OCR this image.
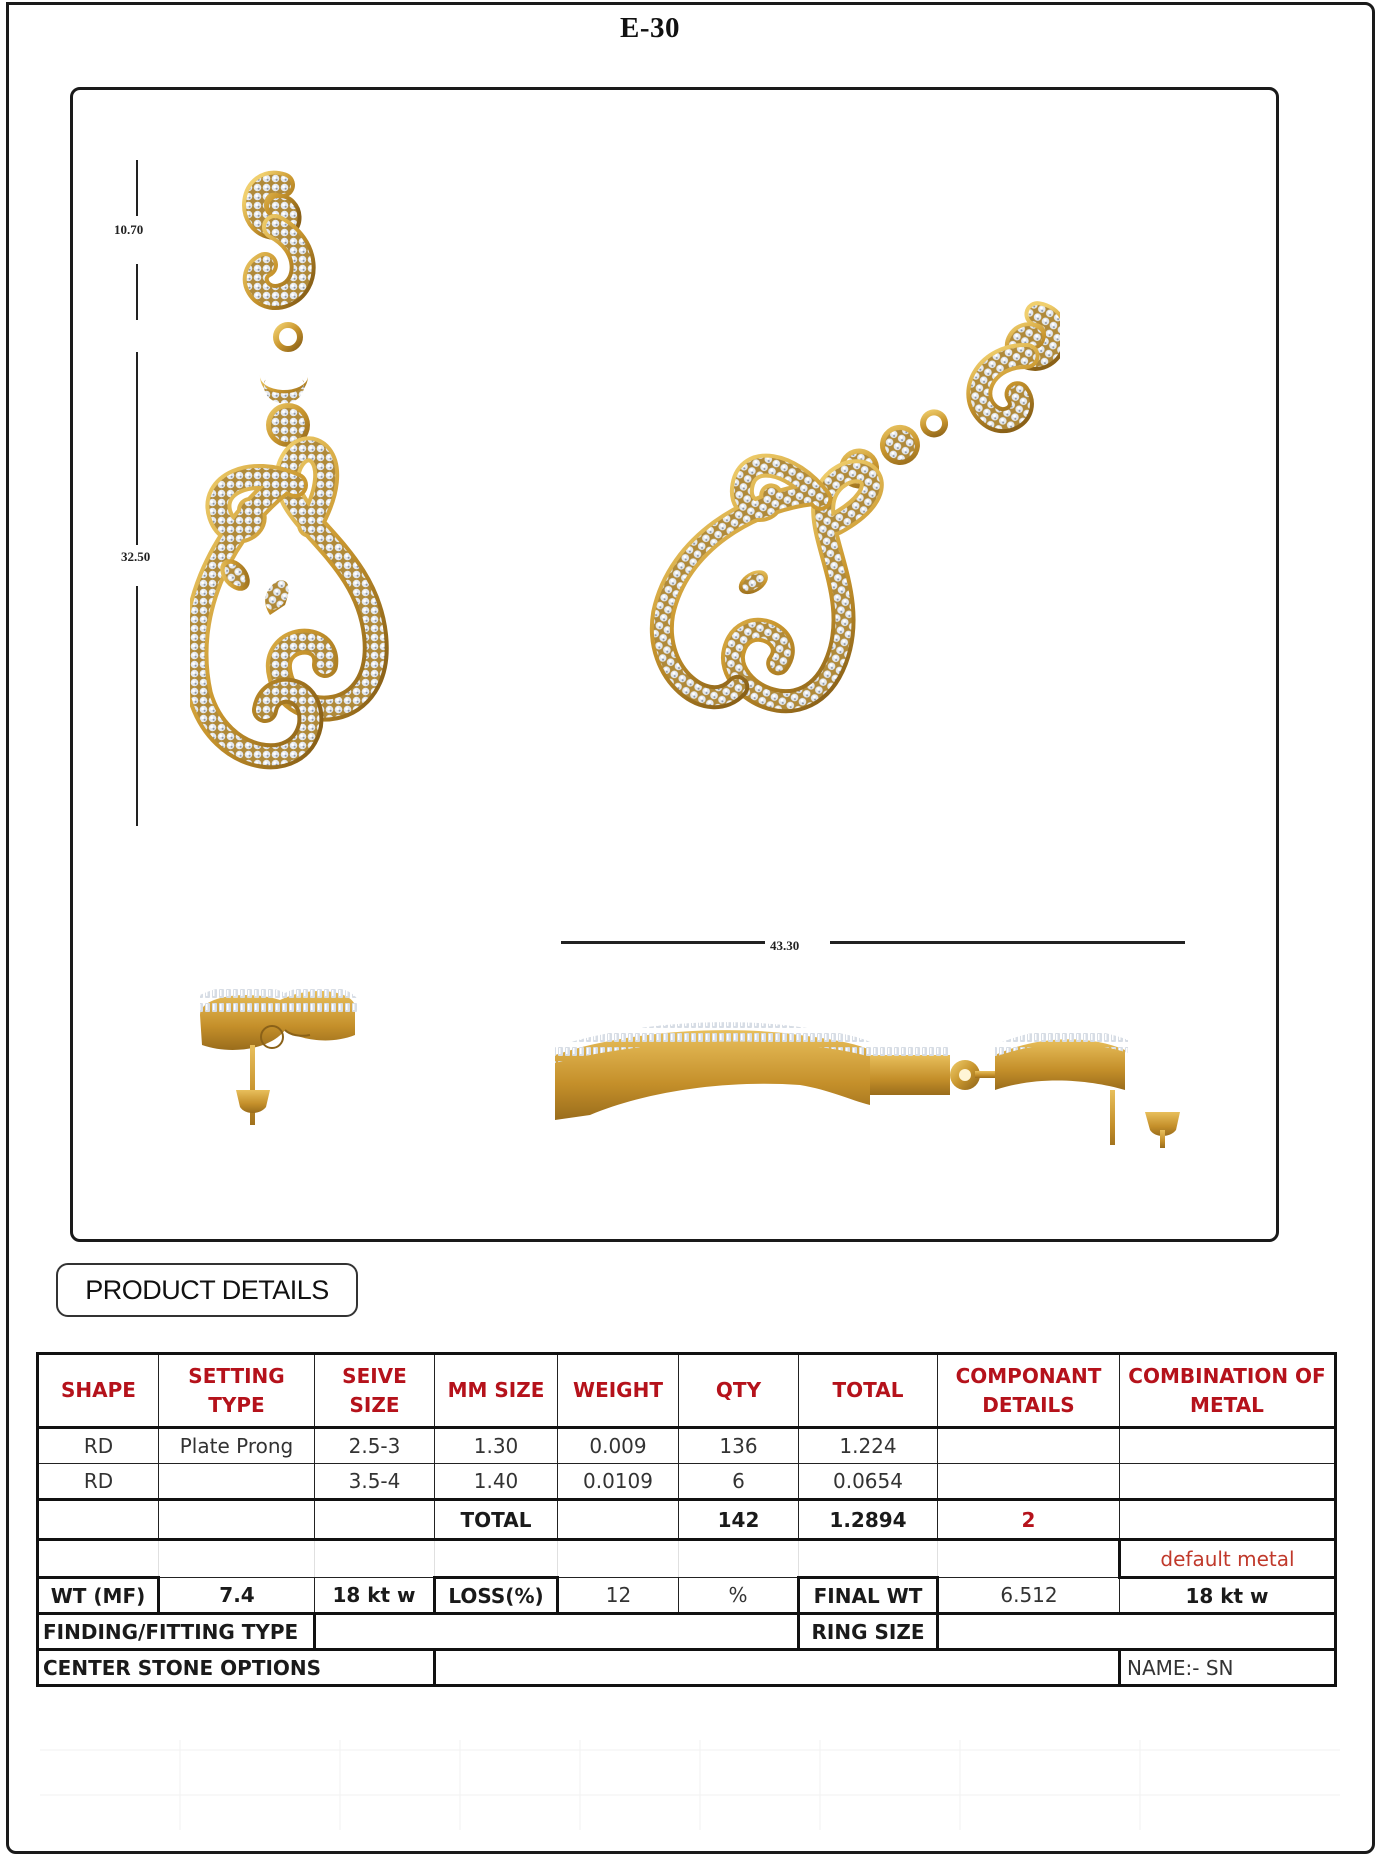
E-30
10.70
32.50
43.30
PRODUCT DETAILS
SHAPE	SETTING TYPE	SEIVE SIZE	MM SIZE	WEIGHT	QTY	TOTAL	COMPONANT DETAILS	COMBINATION OF METAL
RD	Plate Prong	2.5-3	1.30	0.009	136	1.224		
RD		3.5-4	1.40	0.0109	6	0.0654		
			TOTAL		142	1.2894	2	
								default metal
WT (MF)	7.4	18 kt w	LOSS(%)	12	%	FINAL WT	6.512	18 kt w
FINDING/FITTING TYPE						RING SIZE		
CENTER STONE OPTIONS								NAME:- SN
